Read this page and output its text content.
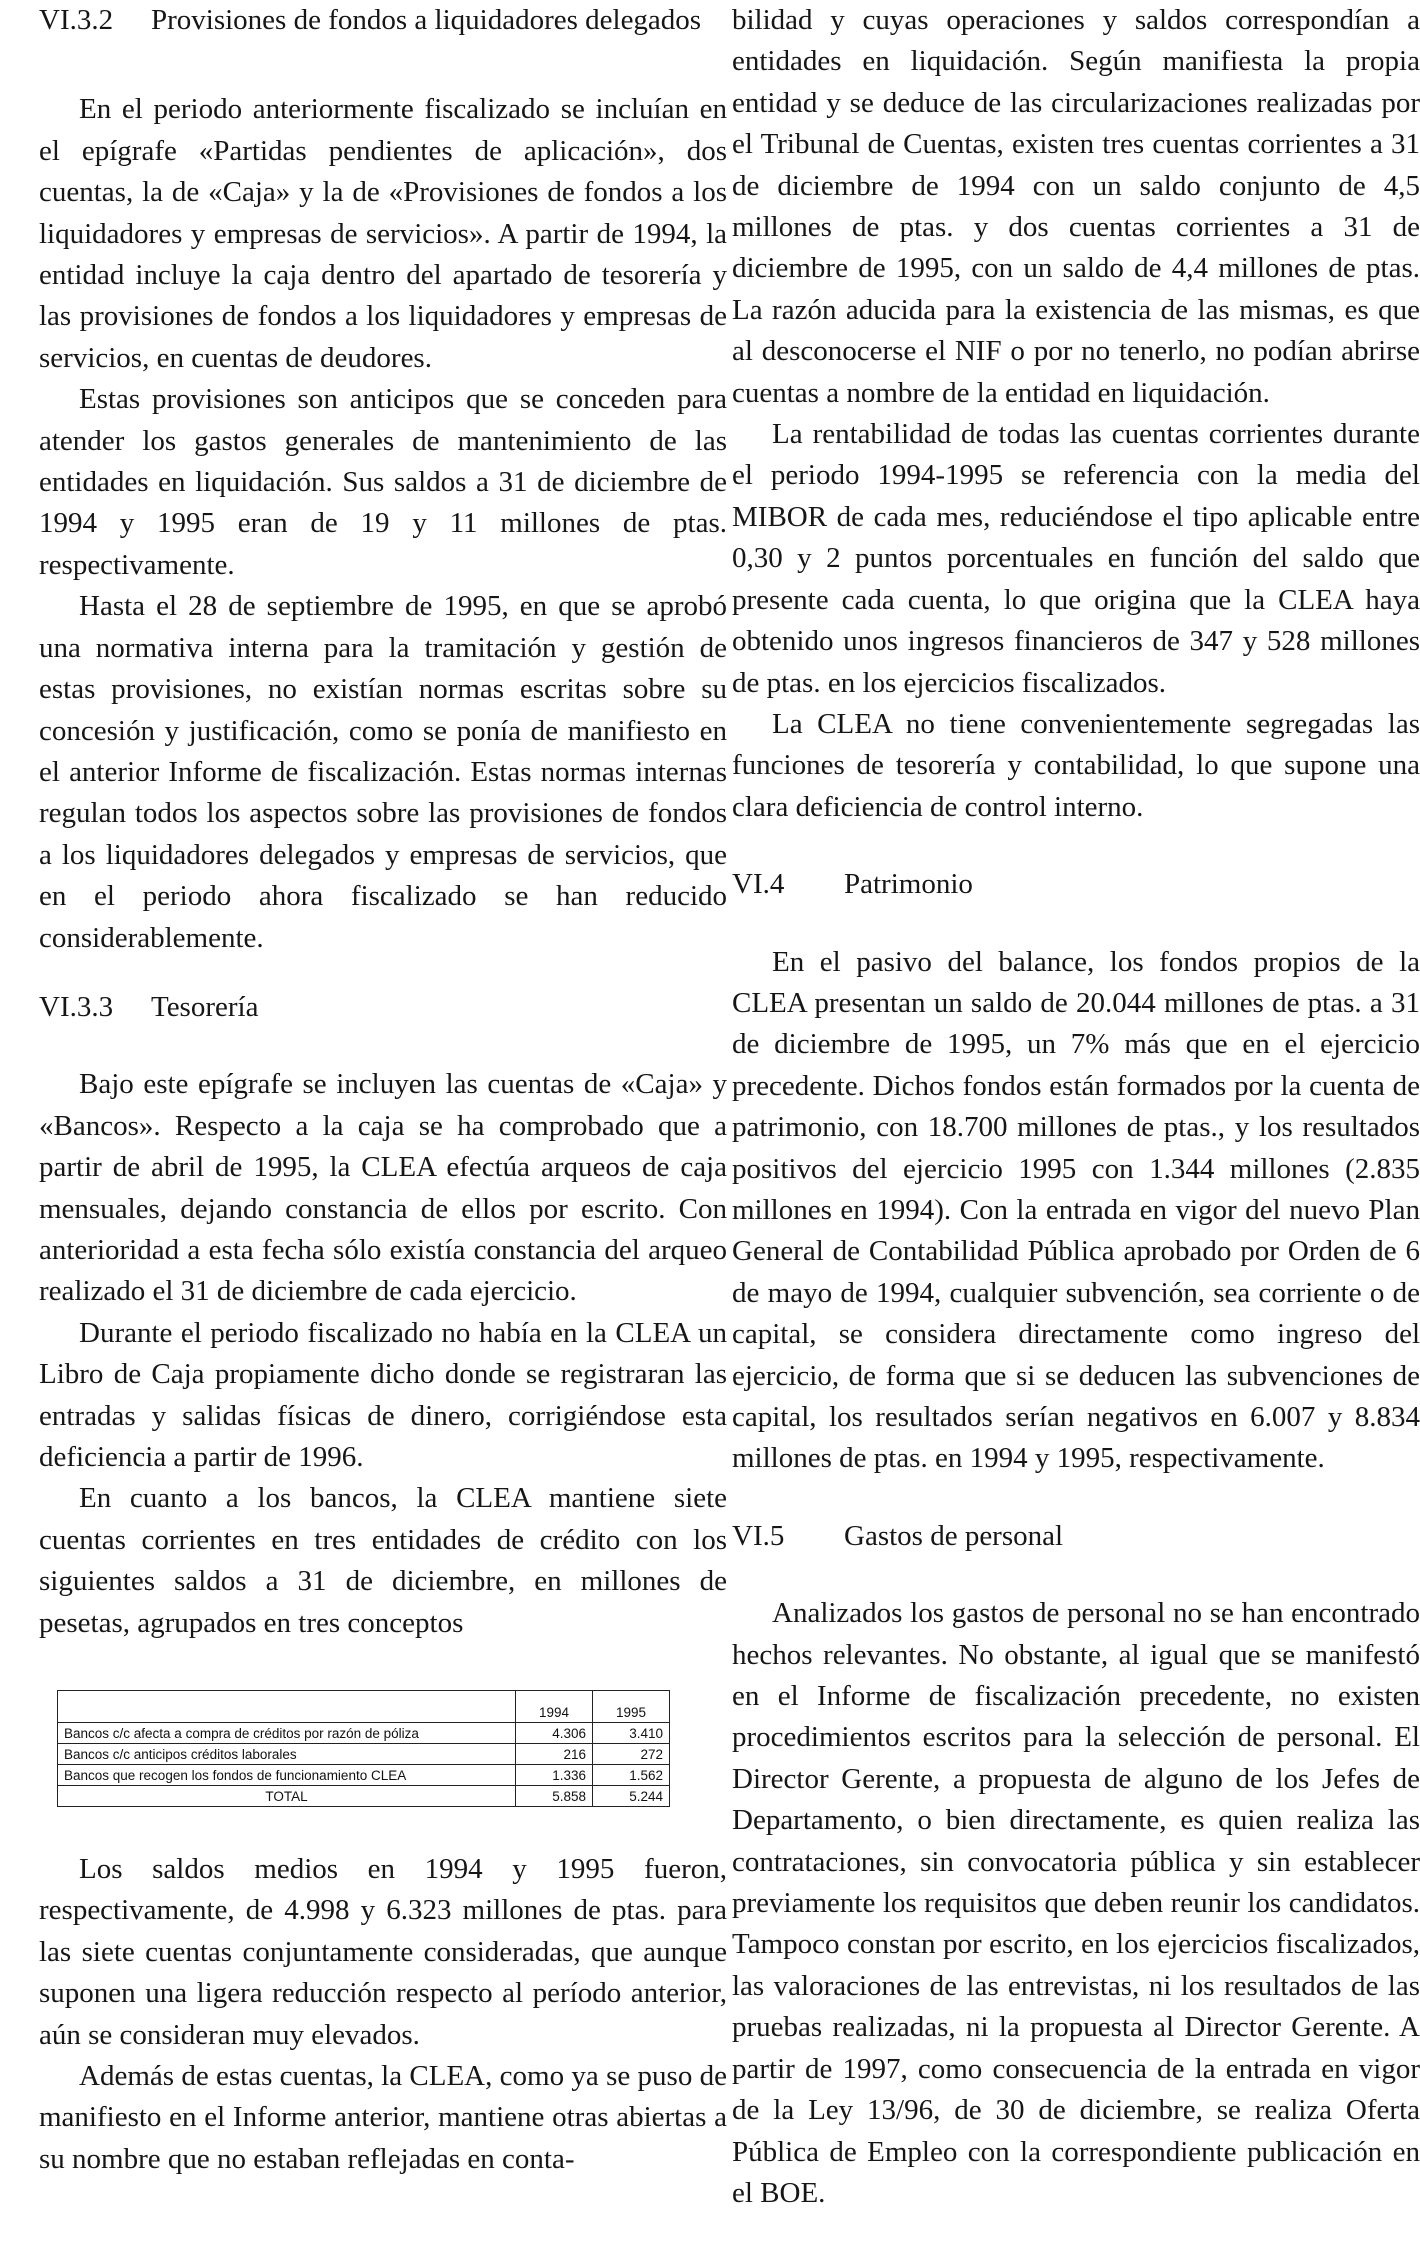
VI.3.2	Provisiones de fondos a liquidadores delegados

En el periodo anteriormente fiscalizado se incluían en el epígrafe «Partidas pendientes de aplicación», dos cuentas, la de «Caja» y la de «Provisiones de fondos a los liquidadores y empresas de servicios». A partir de 1994, la entidad incluye la caja dentro del apartado de tesorería y las provisiones de fondos a los liquidadores y empresas de servicios, en cuentas de deudores.

Estas provisiones son anticipos que se conceden para atender los gastos generales de mantenimiento de las entidades en liquidación. Sus saldos a 31 de diciembre de 1994 y 1995 eran de 19 y 11 millones de ptas. respectivamente.

Hasta el 28 de septiembre de 1995, en que se aprobó una normativa interna para la tramitación y gestión de estas provisiones, no existían normas escritas sobre su concesión y justificación, como se ponía de manifiesto en el anterior Informe de fiscalización. Estas normas internas regulan todos los aspectos sobre las provisiones de fondos a los liquidadores delegados y empresas de servicios, que en el periodo ahora fiscalizado se han reducido considerablemente.

VI.3.3	Tesorería

Bajo este epígrafe se incluyen las cuentas de «Caja» y «Bancos». Respecto a la caja se ha comprobado que a partir de abril de 1995, la CLEA efectúa arqueos de caja mensuales, dejando constancia de ellos por escrito. Con anterioridad a esta fecha sólo existía constancia del arqueo realizado el 31 de diciembre de cada ejercicio.

Durante el periodo fiscalizado no había en la CLEA un Libro de Caja propiamente dicho donde se registraran las entradas y salidas físicas de dinero, corrigiéndose esta deficiencia a partir de 1996.

En cuanto a los bancos, la CLEA mantiene siete cuentas corrientes en tres entidades de crédito con los siguientes saldos a 31 de diciembre, en millones de pesetas, agrupados en tres conceptos

	1994	1995
Bancos c/c afecta a compra de créditos por razón de póliza	4.306	3.410
Bancos c/c anticipos créditos laborales	216	272
Bancos que recogen los fondos de funcionamiento CLEA	1.336	1.562
TOTAL	5.858	5.244

Los saldos medios en 1994 y 1995 fueron, respectivamente, de 4.998 y 6.323 millones de ptas. para las siete cuentas conjuntamente consideradas, que aunque suponen una ligera reducción respecto al período anterior, aún se consideran muy elevados.

Además de estas cuentas, la CLEA, como ya se puso de manifiesto en el Informe anterior, mantiene otras abiertas a su nombre que no estaban reflejadas en conta-

bilidad y cuyas operaciones y saldos correspondían a entidades en liquidación. Según manifiesta la propia entidad y se deduce de las circularizaciones realizadas por el Tribunal de Cuentas, existen tres cuentas corrientes a 31 de diciembre de 1994 con un saldo conjunto de 4,5 millones de ptas. y dos cuentas corrientes a 31 de diciembre de 1995, con un saldo de 4,4 millones de ptas. La razón aducida para la existencia de las mismas, es que al desconocerse el NIF o por no tenerlo, no podían abrirse cuentas a nombre de la entidad en liquidación.

La rentabilidad de todas las cuentas corrientes durante el periodo 1994-1995 se referencia con la media del MIBOR de cada mes, reduciéndose el tipo aplicable entre 0,30 y 2 puntos porcentuales en función del saldo que presente cada cuenta, lo que origina que la CLEA haya obtenido unos ingresos financieros de 347 y 528 millones de ptas. en los ejercicios fiscalizados.

La CLEA no tiene convenientemente segregadas las funciones de tesorería y contabilidad, lo que supone una clara deficiencia de control interno.

VI.4	Patrimonio

En el pasivo del balance, los fondos propios de la CLEA presentan un saldo de 20.044 millones de ptas. a 31 de diciembre de 1995, un 7% más que en el ejercicio precedente. Dichos fondos están formados por la cuenta de patrimonio, con 18.700 millones de ptas., y los resultados positivos del ejercicio 1995 con 1.344 millones (2.835 millones en 1994). Con la entrada en vigor del nuevo Plan General de Contabilidad Pública aprobado por Orden de 6 de mayo de 1994, cualquier subvención, sea corriente o de capital, se considera directamente como ingreso del ejercicio, de forma que si se deducen las subvenciones de capital, los resultados serían negativos en 6.007 y 8.834 millones de ptas. en 1994 y 1995, respectivamente.

VI.5	Gastos de personal

Analizados los gastos de personal no se han encontrado hechos relevantes. No obstante, al igual que se manifestó en el Informe de fiscalización precedente, no existen procedimientos escritos para la selección de personal. El Director Gerente, a propuesta de alguno de los Jefes de Departamento, o bien directamente, es quien realiza las contrataciones, sin convocatoria pública y sin establecer previamente los requisitos que deben reunir los candidatos. Tampoco constan por escrito, en los ejercicios fiscalizados, las valoraciones de las entrevistas, ni los resultados de las pruebas realizadas, ni la propuesta al Director Gerente. A partir de 1997, como consecuencia de la entrada en vigor de la Ley 13/96, de 30 de diciembre, se realiza Oferta Pública de Empleo con la correspondiente publicación en el BOE.
